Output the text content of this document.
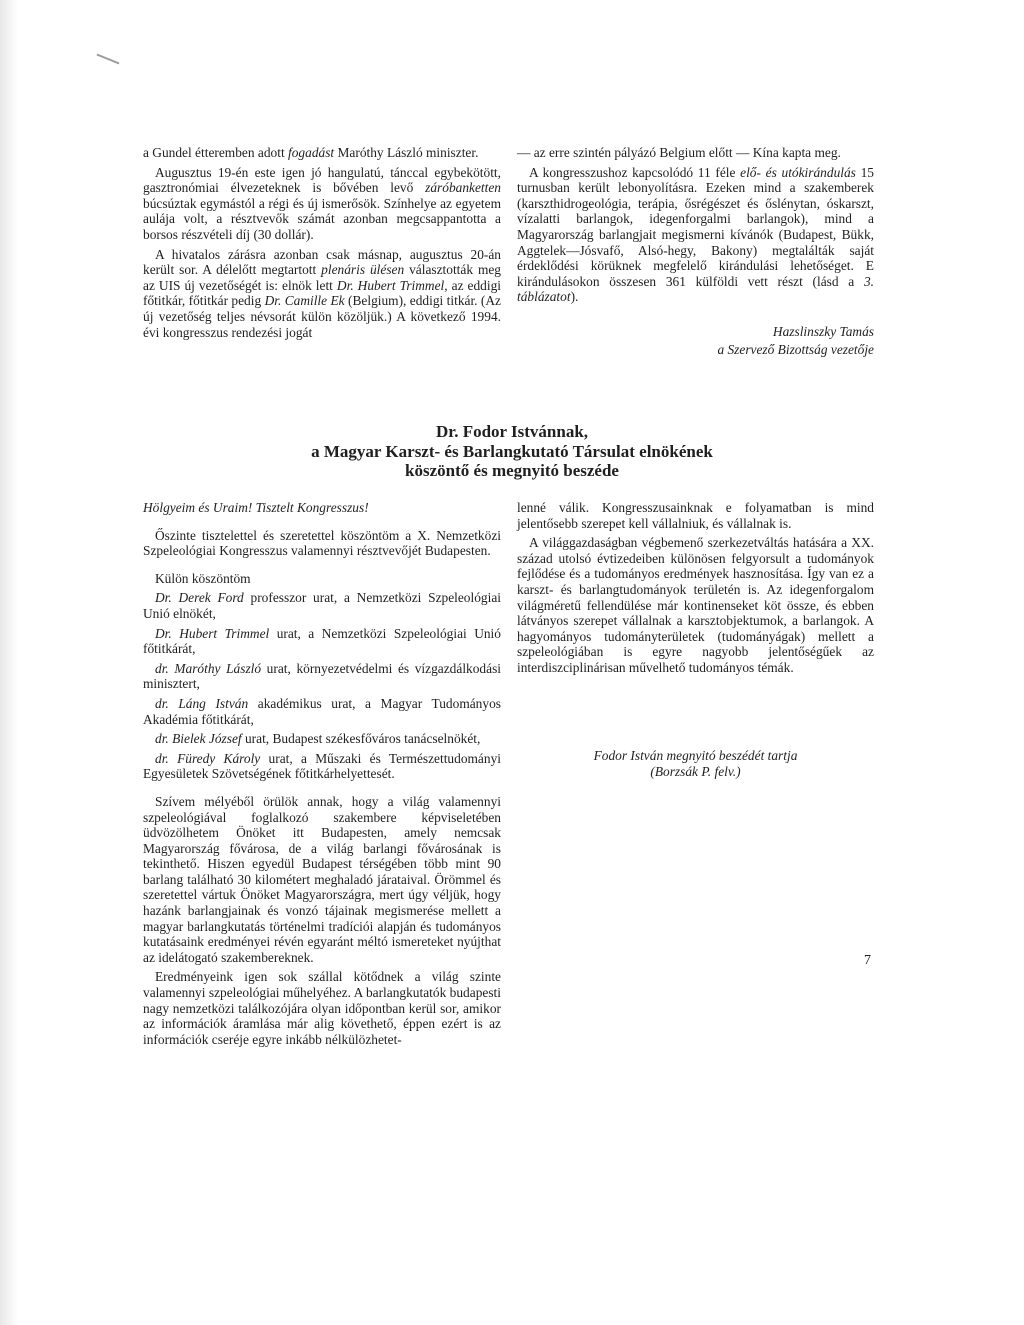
a Gundel étteremben adott fogadást Maróthy László miniszter.

Augusztus 19-én este igen jó hangulatú, tánccal egybekötött, gasztronómiai élvezeteknek is bővében levő záróbanketten búcsúztak egymástól a régi és új ismerősök. Színhelye az egyetem aulája volt, a résztvevők számát azonban megcsappantotta a borsos részvételi díj (30 dollár).

A hivatalos zárásra azonban csak másnap, augusztus 20-án került sor. A délelőtt megtartott plenáris ülésen választották meg az UIS új vezetőségét is: elnök lett Dr. Hubert Trimmel, az eddigi főtitkár, főtitkár pedig Dr. Camille Ek (Belgium), eddigi titkár. (Az új vezetőség teljes névsorát külön közöljük.) A következő 1994. évi kongresszus rendezési jogát

— az erre szintén pályázó Belgium előtt — Kína kapta meg.

A kongresszushoz kapcsolódó 11 féle elő- és utókirándulás 15 turnusban került lebonyolításra. Ezeken mind a szakemberek (karszthidrogeológia, terápia, ősrégészet és őslénytan, óskarszt, vízalatti barlangok, idegenforgalmi barlangok), mind a Magyarország barlangjait megismerni kívánók (Budapest, Bükk, Aggtelek—Jósvafő, Alsó-hegy, Bakony) megtalálták saját érdeklődési körüknek megfelelő kirándulási lehetőséget. E kirándulásokon összesen 361 külföldi vett részt (lásd a 3. táblázatot).

Hazslinszky Tamás
a Szervező Bizottság vezetője

Dr. Fodor Istvánnak,
a Magyar Karszt- és Barlangkutató Társulat elnökének
köszöntő és megnyitó beszéde

Hölgyeim és Uraim! Tisztelt Kongresszus!

Őszinte tisztelettel és szeretettel köszöntöm a X. Nemzetközi Szpeleológiai Kongresszus valamennyi résztvevőjét Budapesten.

Külön köszöntöm

Dr. Derek Ford professzor urat, a Nemzetközi Szpeleológiai Unió elnökét,

Dr. Hubert Trimmel urat, a Nemzetközi Szpeleológiai Unió főtitkárát,

dr. Maróthy László urat, környezetvédelmi és vízgazdálkodási minisztert,

dr. Láng István akadémikus urat, a Magyar Tudományos Akadémia főtitkárát,

dr. Bielek József urat, Budapest székesfőváros tanácselnökét,

dr. Füredy Károly urat, a Műszaki és Természettudományi Egyesületek Szövetségének főtitkárhelyettesét.

Szívem mélyéből örülök annak, hogy a világ valamennyi szpeleológiával foglalkozó szakembere képviseletében üdvözölhetem Önöket itt Budapesten, amely nemcsak Magyarország fővárosa, de a világ barlangi fővárosának is tekinthető. Hiszen egyedül Budapest térségében több mint 90 barlang található 30 kilométert meghaladó járataival. Örömmel és szeretettel vártuk Önöket Magyarországra, mert úgy véljük, hogy hazánk barlangjainak és vonzó tájainak megismerése mellett a magyar barlangkutatás történelmi tradíciói alapján és tudományos kutatásaink eredményei révén egyaránt méltó ismereteket nyújthat az idelátogató szakembereknek.

Eredményeink igen sok szállal kötődnek a világ szinte valamennyi szpeleológiai műhelyéhez. A barlangkutatók budapesti nagy nemzetközi találkozójára olyan időpontban kerül sor, amikor az információk áramlása már alig követhető, éppen ezért is az információk cseréje egyre inkább nélkülözhetet-

lenné válik. Kongresszusainknak e folyamatban is mind jelentősebb szerepet kell vállalniuk, és vállalnak is.

A világgazdaságban végbemenő szerkezetváltás hatására a XX. század utolsó évtizedeiben különösen felgyorsult a tudományok fejlődése és a tudományos eredmények hasznosítása. Így van ez a karszt- és barlangtudományok területén is. Az idegenforgalom világméretű fellendülése már kontinenseket köt össze, és ebben látványos szerepet vállalnak a karsztobjektumok, a barlangok. A hagyományos tudományterületek (tudományágak) mellett a szpeleológiában is egyre nagyobb jelentőségűek az interdiszciplinárisan művelhető tudományos témák.

Fodor István megnyitó beszédét tartja
(Borzsák P. felv.)
7
